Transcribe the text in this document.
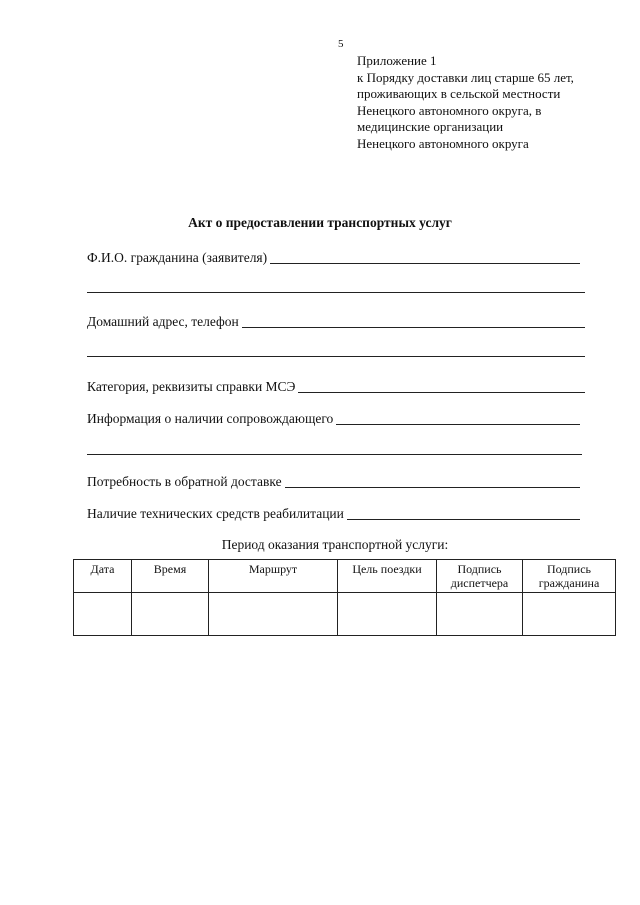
5
Приложение 1
к Порядку доставки лиц старше 65 лет,
проживающих в сельской местности
Ненецкого автономного округа, в
медицинские организации
Ненецкого автономного округа
Акт о предоставлении транспортных услуг
Ф.И.О. гражданина (заявителя)
Домашний адрес, телефон
Категория, реквизиты справки МСЭ
Информация о наличии сопровождающего
Потребность в обратной доставке
Наличие технических средств реабилитации
Период оказания транспортной услуги:
Дата	Время	Маршрут	Цель поездки	Подпись диспетчера	Подпись гражданина
